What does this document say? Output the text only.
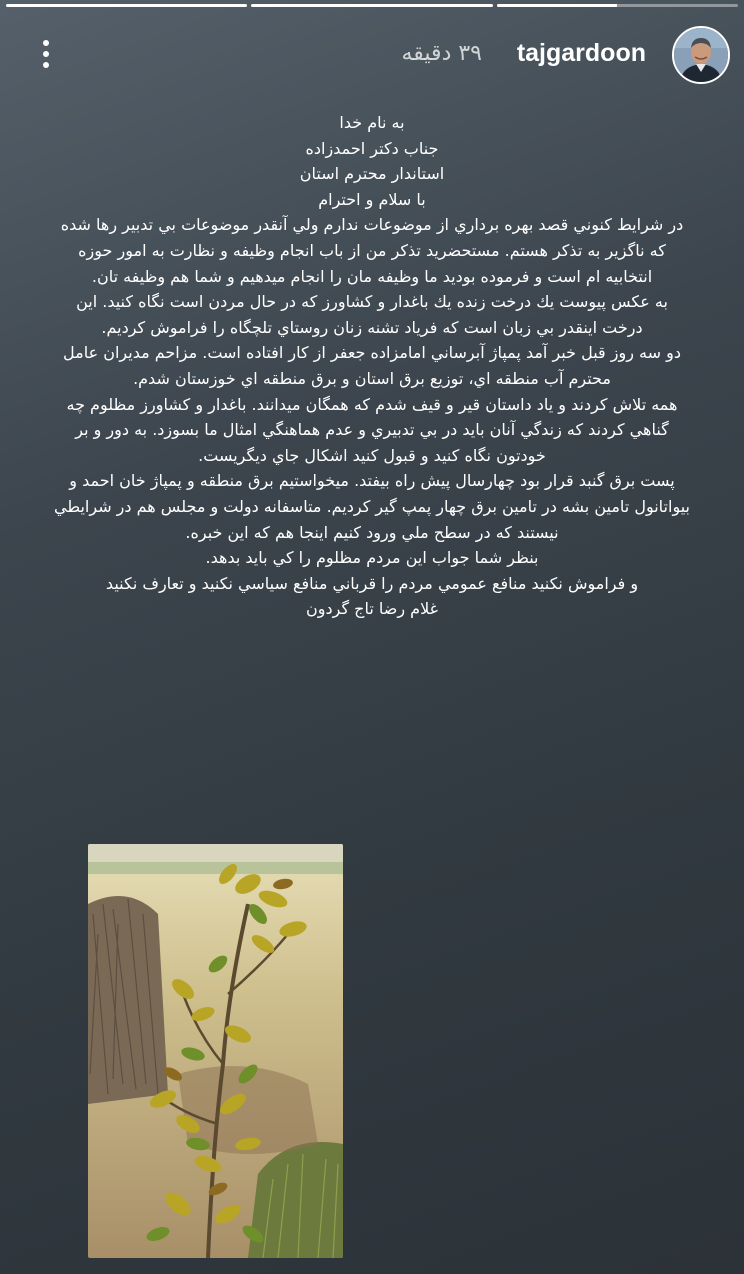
۳۹ دقیقه tajgardoon

به نام خدا

جناب دکتر احمدزاده

استاندار محترم استان

با سلام و احترام

در شرايط کنوني قصد بهره برداري از موضوعات ندارم ولي آنقدر موضوعات بي تدبير رها شده که ناگزير به تذکر هستم. مستحضريد تذکر من از باب انجام وظيفه و نظارت به امور حوزه انتخابيه ام است و فرموده بوديد ما وظيفه مان را انجام ميدهيم و شما هم وظيفه تان.

به عکس پيوست يك درخت زنده يك باغدار و کشاورز که در حال مردن است نگاه کنيد. اين درخت اينقدر بي زبان است که فرياد تشنه زنان روستاي تلچگاه را فراموش کرديم.

دو سه روز قبل خبر آمد پمپاژ آبرساني امامزاده جعفر از کار افتاده است. مزاحم مديران عامل محترم آب منطقه اي، توزيع برق استان و برق منطقه اي خوزستان شدم.

همه تلاش کردند و ياد داستان قير و قيف شدم که همگان ميدانند. باغدار و کشاورز مظلوم چه گناهي کردند که زندگي آنان بايد در بي تدبيري و عدم هماهنگي امثال ما بسوزد. به دور و بر خودتون نگاه کنيد و قبول کنيد اشکال جاي ديگريست.

پست برق گنبد قرار بود چهارسال پيش راه بيفتد. ميخواستيم برق منطقه و پمپاژ خان احمد و بيواتانول تامين بشه در تامين برق چهار پمپ گير کرديم. متاسفانه دولت و مجلس هم در شرايطي نيستند که در سطح ملي ورود کنيم اينجا هم که اين خبره.

بنظر شما جواب اين مردم مظلوم را کي بايد بدهد.

و فراموش نکنيد منافع عمومي مردم را قرباني منافع سياسي نکنيد و تعارف نکنيد

غلام رضا تاج گردون
